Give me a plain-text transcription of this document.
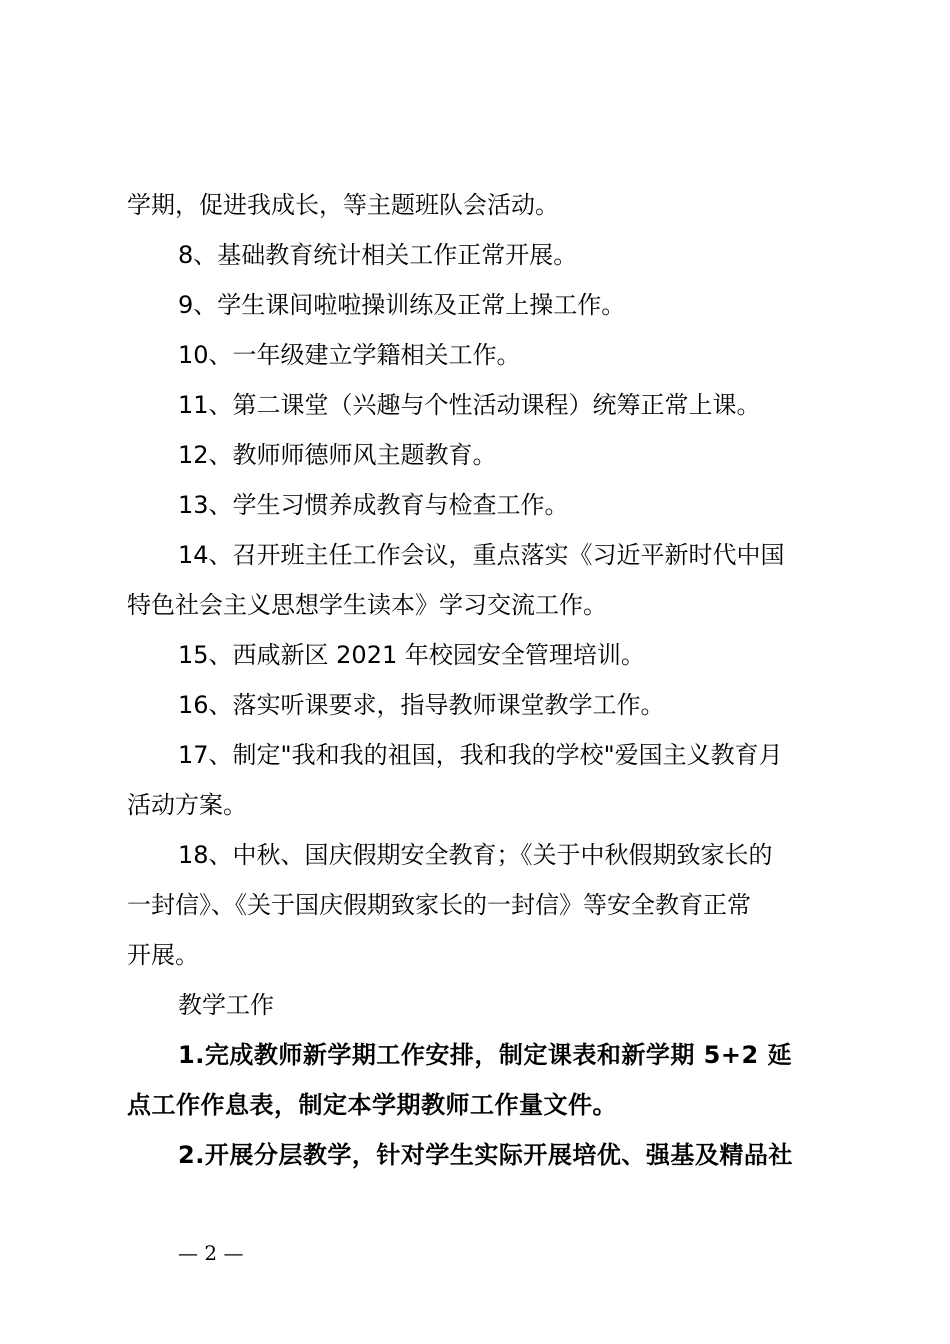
学期，促进我成长，等主题班队会活动。
8、基础教育统计相关工作正常开展。
9、学生课间啦啦操训练及正常上操工作。
10、一年级建立学籍相关工作。
11、第二课堂（兴趣与个性活动课程）统筹正常上课。
12、教师师德师风主题教育。
13、学生习惯养成教育与检查工作。
14、召开班主任工作会议，重点落实《习近平新时代中国
特色社会主义思想学生读本》学习交流工作。
15、西咸新区 2021 年校园安全管理培训。
16、落实听课要求，指导教师课堂教学工作。
17、制定"我和我的祖国，我和我的学校"爱国主义教育月
活动方案。
18、中秋、国庆假期安全教育；《关于中秋假期致家长的
一封信》、《关于国庆假期致家长的一封信》等安全教育正常
开展。
教学工作
1.完成教师新学期工作安排，制定课表和新学期 5+2 延
点工作作息表，制定本学期教师工作量文件。
2.开展分层教学，针对学生实际开展培优、强基及精品社
— 2 —
